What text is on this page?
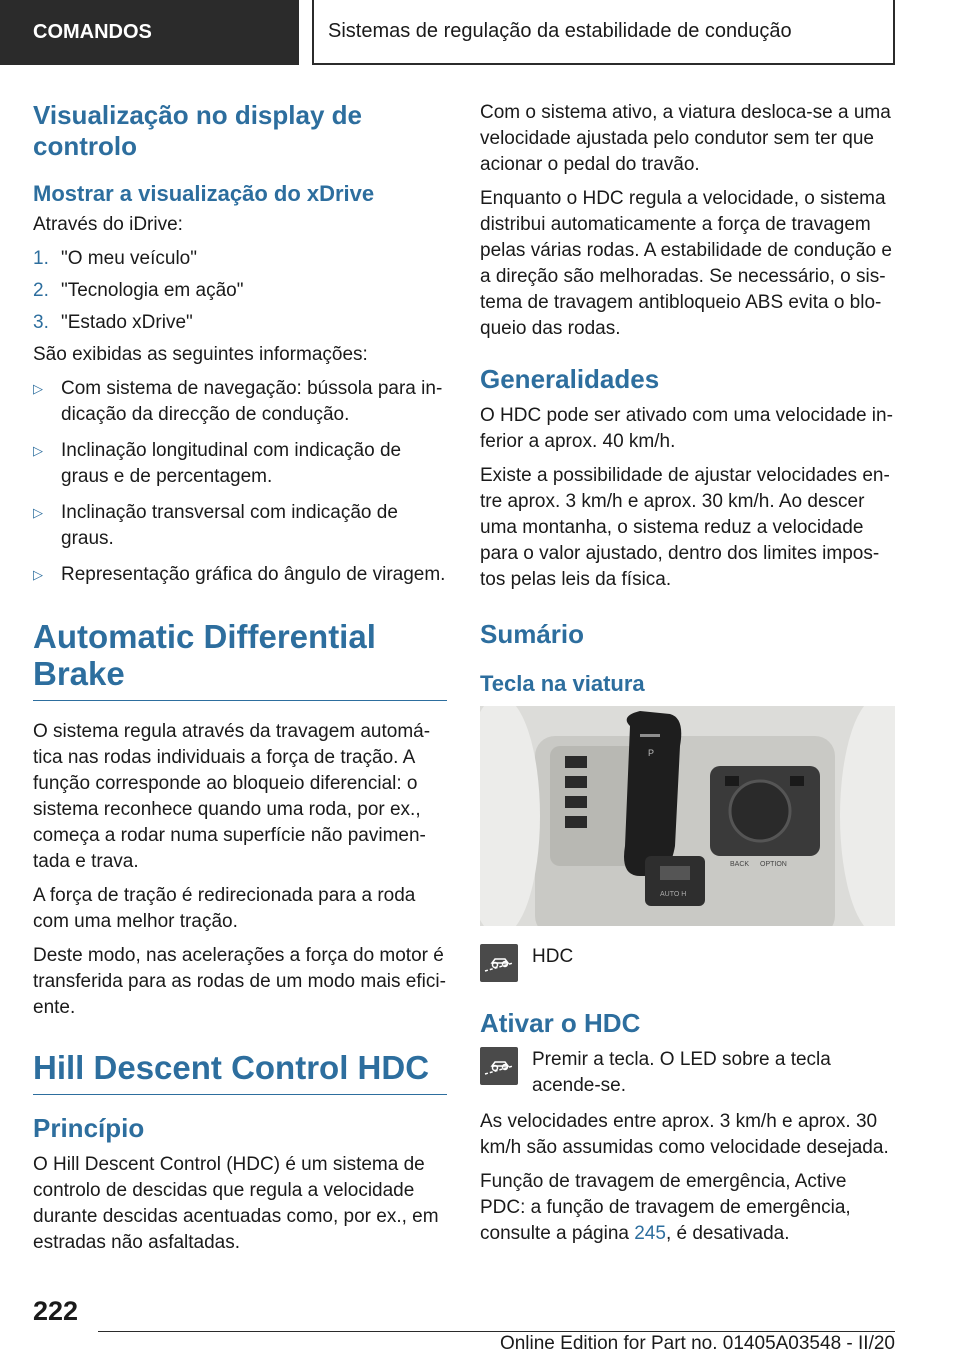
COMANDOS	Sistemas de regulação da estabilidade de condução
Visualização no display de controlo
Mostrar a visualização do xDrive

Através do iDrive:

1. "O meu veículo"
2. "Tecnologia em ação"
3. "Estado xDrive"

São exibidas as seguintes informações:

▷ Com sistema de navegação: bússola para indicação da direcção de condução.
▷ Inclinação longitudinal com indicação de graus e de percentagem.
▷ Inclinação transversal com indicação de graus.
▷ Representação gráfica do ângulo de viragem.
Automatic Differential Brake

O sistema regula através da travagem automática nas rodas individuais a força de tração. A função corresponde ao bloqueio diferencial: o sistema reconhece quando uma roda, por ex., começa a rodar numa superfície não pavimentada e trava.

A força de tração é redirecionada para a roda com uma melhor tração.

Deste modo, nas acelerações a força do motor é transferida para as rodas de um modo mais eficiente.

Hill Descent Control HDC
Princípio

O Hill Descent Control (HDC) é um sistema de controlo de descidas que regula a velocidade durante descidas acentuadas como, por ex., em estradas não asfaltadas.

Com o sistema ativo, a viatura desloca-se a uma velocidade ajustada pelo condutor sem ter que acionar o pedal do travão.

Enquanto o HDC regula a velocidade, o sistema distribui automaticamente a força de travagem pelas várias rodas. A estabilidade de condução e a direção são melhoradas. Se necessário, o sistema de travagem antibloqueio ABS evita o bloqueio das rodas.

Generalidades

O HDC pode ser ativado com uma velocidade inferior a aprox. 40 km/h.

Existe a possibilidade de ajustar velocidades entre aprox. 3 km/h e aprox. 30 km/h. Ao descer uma montanha, o sistema reduz a velocidade para o valor ajustado, dentro dos limites impostos pelas leis da física.

Sumário
Tecla na viatura
P
BACK OPTION
AUTO H

HDC

Ativar o HDC

Premir a tecla. O LED sobre a tecla acende-se.

As velocidades entre aprox. 3 km/h e aprox. 30 km/h são assumidas como velocidade desejada.

Função de travagem de emergência, Active PDC: a função de travagem de emergência, consulte a página 245, é desativada.

222
Online Edition for Part no. 01405A03548 - II/20
